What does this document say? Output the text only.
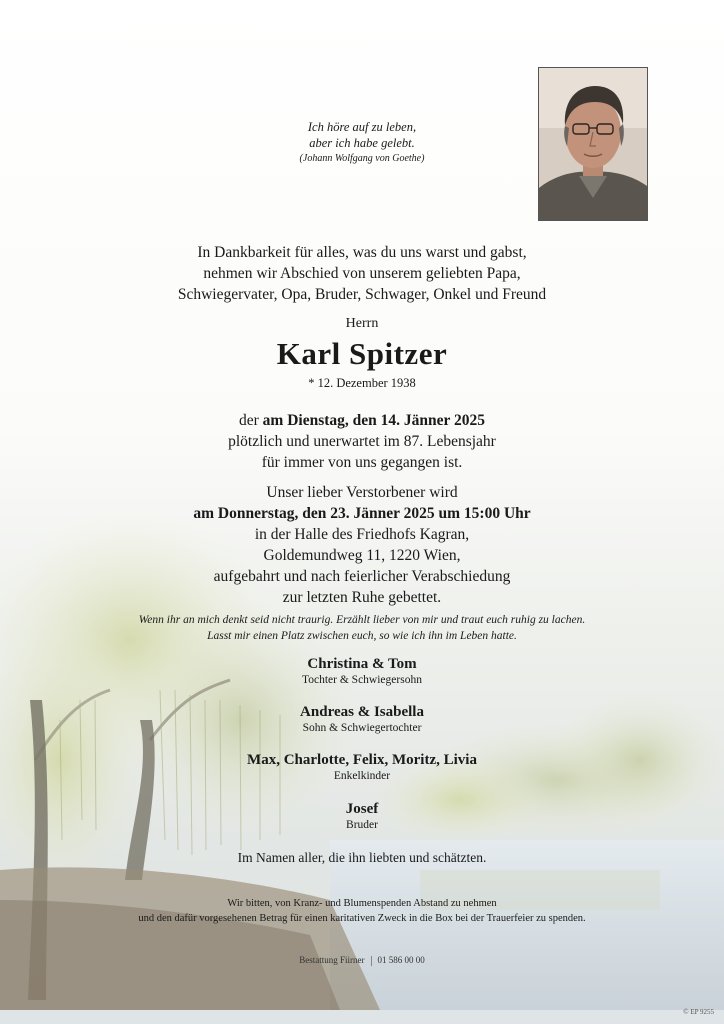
Ich höre auf zu leben,
aber ich habe gelebt.
(Johann Wolfgang von Goethe)
In Dankbarkeit für alles, was du uns warst und gabst,
nehmen wir Abschied von unserem geliebten Papa,
Schwiegervater, Opa, Bruder, Schwager, Onkel und Freund
Herrn
Karl Spitzer
* 12. Dezember 1938
der am Dienstag, den 14. Jänner 2025
plötzlich und unerwartet im 87. Lebensjahr
für immer von uns gegangen ist.
Unser lieber Verstorbener wird
am Donnerstag, den 23. Jänner 2025 um 15:00 Uhr
in der Halle des Friedhofs Kagran,
Goldemundweg 11, 1220 Wien,
aufgebahrt und nach feierlicher Verabschiedung
zur letzten Ruhe gebettet.
Wenn ihr an mich denkt seid nicht traurig. Erzählt lieber von mir und traut euch ruhig zu lachen.
Lasst mir einen Platz zwischen euch, so wie ich ihn im Leben hatte.
Christina & Tom
Tochter & Schwiegersohn
Andreas & Isabella
Sohn & Schwiegertochter
Max, Charlotte, Felix, Moritz, Livia
Enkelkinder
Josef
Bruder
Im Namen aller, die ihn liebten und schätzten.
Wir bitten, von Kranz- und Blumenspenden Abstand zu nehmen
und den dafür vorgesehenen Betrag für einen karitativen Zweck in die Box bei der Trauerfeier zu spenden.
Bestattung Fiirner 01 586 00 00
© EP 9255
